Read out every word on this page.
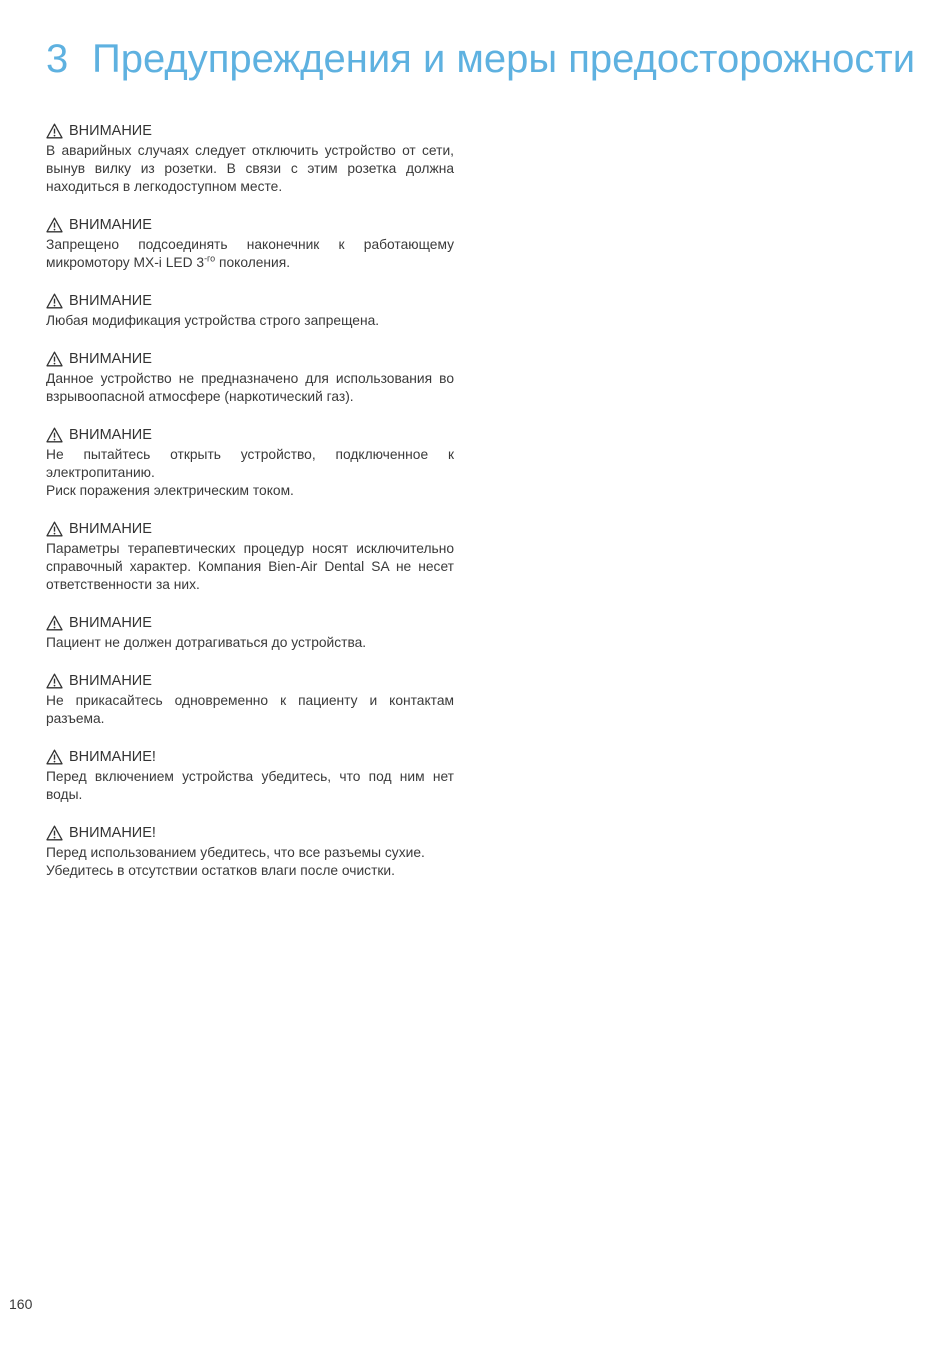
3 Предупреждения и меры предосторожности
ВНИМАНИЕ
В аварийных случаях следует отключить устройство от сети, вынув вилку из розетки. В связи с этим розетка должна находиться в легкодоступном месте.
ВНИМАНИЕ
Запрещено подсоединять наконечник к работающему микромотору MX-i LED $3^{-го}$ поколения.
ВНИМАНИЕ
Любая модификация устройства строго запрещена.
ВНИМАНИЕ
Данное устройство не предназначено для использования во взрывоопасной атмосфере (наркотический газ).
ВНИМАНИЕ
Не пытайтесь открыть устройство, подключенное к электропитанию.
Риск поражения электрическим током.
ВНИМАНИЕ
Параметры терапевтических процедур носят исключительно справочный характер. Компания Bien-Air Dental SA не несет ответственности за них.
ВНИМАНИЕ
Пациент не должен дотрагиваться до устройства.
ВНИМАНИЕ
Не прикасайтесь одновременно к пациенту и контактам разъема.
ВНИМАНИЕ!
Перед включением устройства убедитесь, что под ним нет воды.
ВНИМАНИЕ!
Перед использованием убедитесь, что все разъемы сухие.
Убедитесь в отсутствии остатков влаги после очистки.
160
